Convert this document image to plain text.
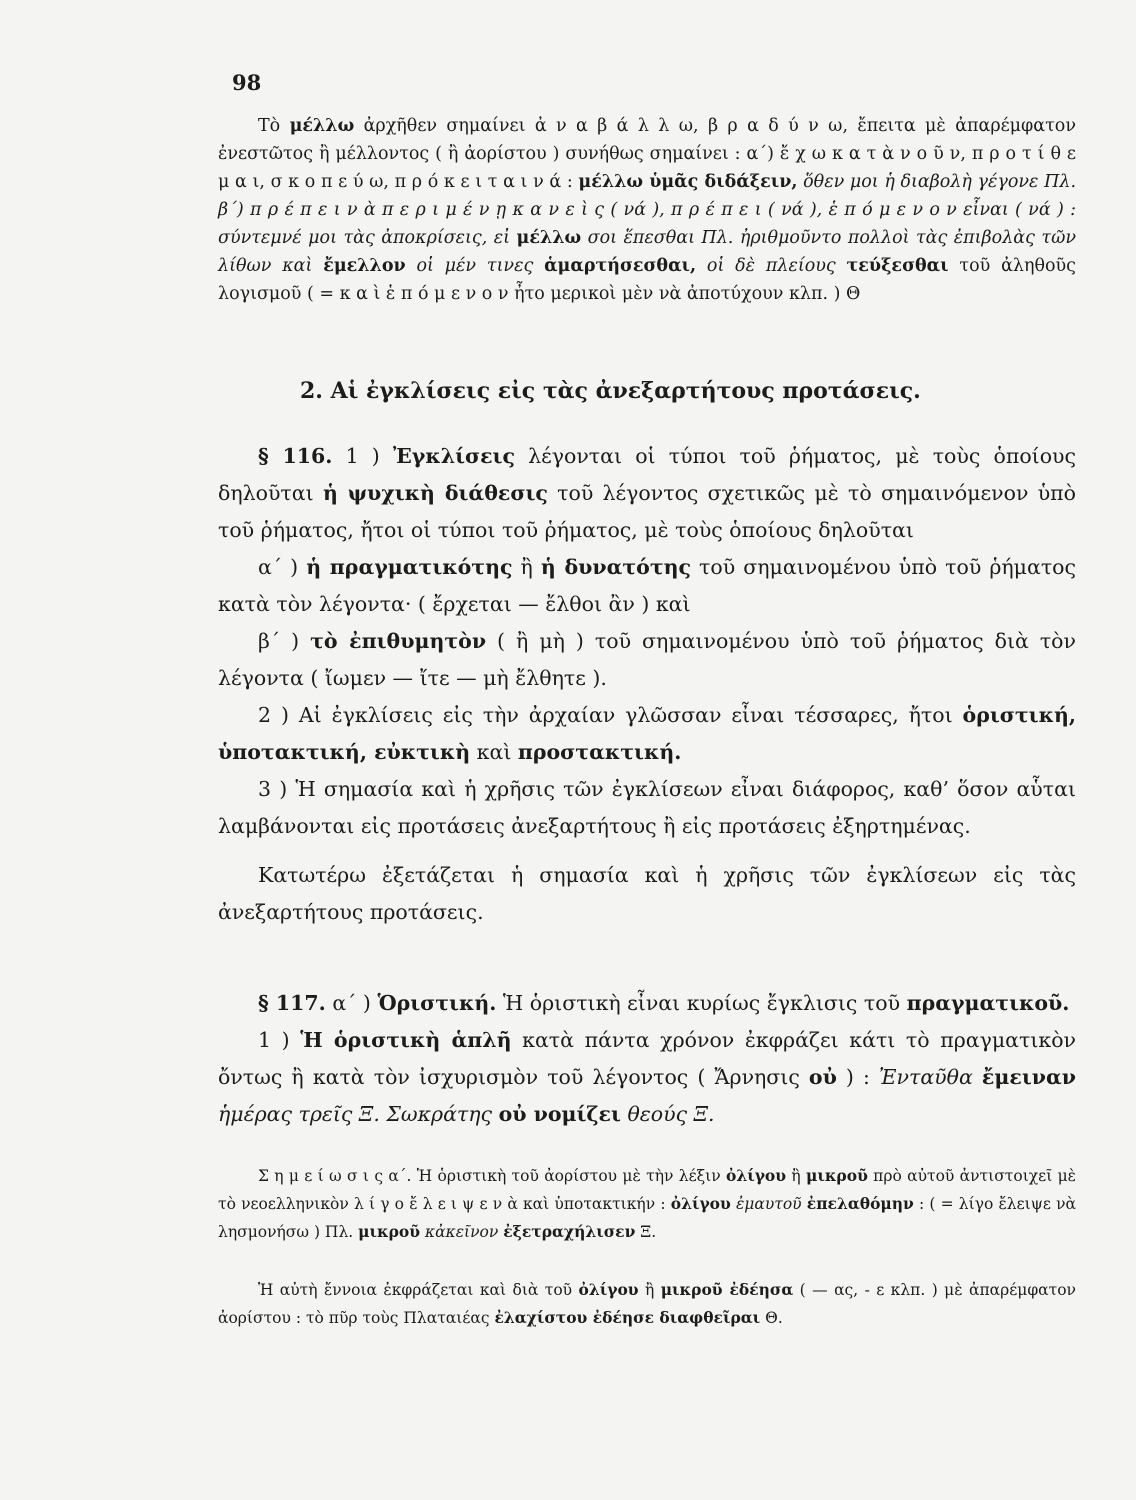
98

Τὸ μέλλω ἀρχῆθεν σημαίνει ἀ ν α β ά λ λ ω, β ρ α δ ύ ν ω, ἔπειτα μὲ ἀπαρέμφατον ἐνεστῶτος ἢ μέλλοντος ( ἢ ἀορίστου ) συνήθως σημαίνει : α΄) ἔ χ ω κ α τ ὰ ν ο ῦ ν, π ρ ο τ ί θ ε μ α ι, σ κ ο π ε ύ ω, π ρ ό κ ε ι τ α ι ν ά : μέλλω ὑμᾶς διδάξειν, ὅθεν μοι ἡ διαβολὴ γέγονε Πλ. β΄) π ρ έ π ε ι ν ὰ π ε ρ ι μ έ ν ῃ κ α ν ε ὶ ς ( νά ), π ρ έ π ε ι ( νά ), ἑ π ό μ ε ν ο ν εἶναι ( νά ) : σύντεμνέ μοι τὰς ἀποκρίσεις, εἰ μέλλω σοι ἕπεσθαι Πλ. ἠριθμοῦντο πολλοὶ τὰς ἐπιβολὰς τῶν λίθων καὶ ἔμελλον οἱ μέν τινες ἁμαρτήσεσθαι, οἱ δὲ πλείους τεύξεσθαι τοῦ ἀληθοῦς λογισμοῦ ( = κ α ὶ ἑ π ό μ ε ν ο ν ἦτο μερικοὶ μὲν νὰ ἀποτύχουν κλπ. ) Θ

2. Αἱ ἐγκλίσεις εἰς τὰς ἀνεξαρτήτους προτάσεις.

§ 116. 1 ) Ἐγκλίσεις λέγονται οἱ τύποι τοῦ ῥήματος, μὲ τοὺς ὁποίους δηλοῦται ἡ ψυχικὴ διάθεσις τοῦ λέγοντος σχετικῶς μὲ τὸ σημαινόμενον ὑπὸ τοῦ ῥήματος, ἤτοι οἱ τύποι τοῦ ῥήματος, μὲ τοὺς ὁποίους δηλοῦται

α΄ ) ἡ πραγματικότης ἢ ἡ δυνατότης τοῦ σημαινομένου ὑπὸ τοῦ ῥήματος κατὰ τὸν λέγοντα· ( ἔρχεται — ἔλθοι ἂν ) καὶ

β΄ ) τὸ ἐπιθυμητὸν ( ἢ μὴ ) τοῦ σημαινομένου ὑπὸ τοῦ ῥήματος διὰ τὸν λέγοντα ( ἴωμεν — ἴτε — μὴ ἔλθητε ).

2 ) Αἱ ἐγκλίσεις εἰς τὴν ἀρχαίαν γλῶσσαν εἶναι τέσσαρες, ἤτοι ὁριστική, ὑποτακτική, εὐκτικὴ καὶ προστακτική.

3 ) Ἡ σημασία καὶ ἡ χρῆσις τῶν ἐγκλίσεων εἶναι διάφορος, καθ’ ὅσον αὗται λαμβάνονται εἰς προτάσεις ἀνεξαρτήτους ἢ εἰς προτάσεις ἐξηρτημένας.

Κατωτέρω ἐξετάζεται ἡ σημασία καὶ ἡ χρῆσις τῶν ἐγκλίσεων εἰς τὰς ἀνεξαρτήτους προτάσεις.

§ 117. α΄ ) Ὁριστική. Ἡ ὁριστικὴ εἶναι κυρίως ἔγκλισις τοῦ πραγματικοῦ.

1 ) Ἡ ὁριστικὴ ἁπλῆ κατὰ πάντα χρόνον ἐκφράζει κάτι τὸ πραγματικὸν ὄντως ἢ κατὰ τὸν ἰσχυρισμὸν τοῦ λέγοντος ( Ἄρνησις οὐ ) : Ἐνταῦθα ἔμειναν ἡμέρας τρεῖς Ξ. Σωκράτης οὐ νομίζει θεούς Ξ.

Σ η μ ε ί ω σ ι ς α΄. Ἡ ὁριστικὴ τοῦ ἀορίστου μὲ τὴν λέξιν ὀλίγου ἢ μικροῦ πρὸ αὐτοῦ ἀντιστοιχεῖ μὲ τὸ νεοελληνικὸν λ ί γ ο ἔ λ ε ι ψ ε ν ὰ καὶ ὑποτακτικήν : ὀλίγου ἐμαυτοῦ ἐπελαθόμην : ( = λίγο ἔλειψε νὰ λησμονήσω ) Πλ. μικροῦ κἀκεῖνον ἐξετραχήλισεν Ξ.

Ἡ αὐτὴ ἔννοια ἐκφράζεται καὶ διὰ τοῦ ὀλίγου ἢ μικροῦ ἐδέησα ( — ας, - ε κλπ. ) μὲ ἀπαρέμφατον ἀορίστου : τὸ πῦρ τοὺς Πλαταιέας ἐλαχίστου ἐδέησε διαφθεῖραι Θ.
